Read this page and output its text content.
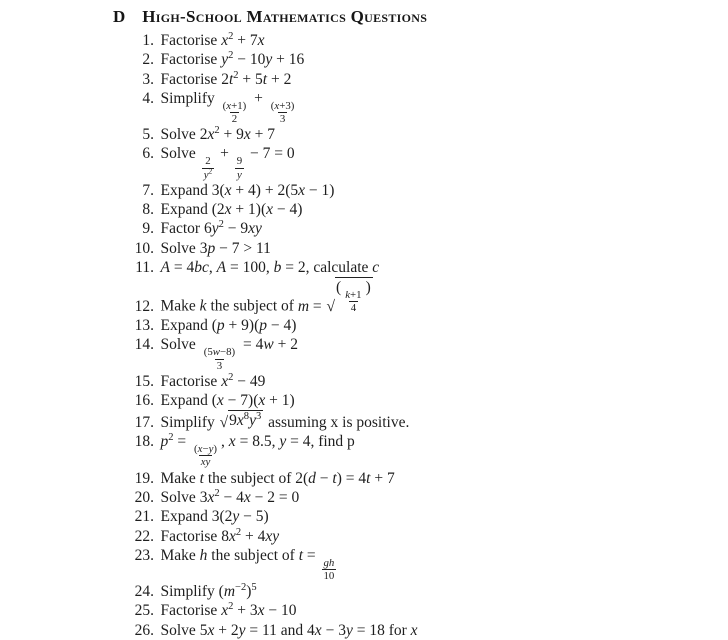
D High-School Mathematics Questions
1. Factorise $x^2 + 7x$
2. Factorise $y^2 - 10y + 16$
3. Factorise $2t^2 + 5t + 2$
4. Simplify
$\frac{(x+1)}{2}$
+
$\frac{(x+3)}{3}$
5. Solve $2x^2 + 9x + 7$
6. Solve
$\frac{2}{y^2}$
+
$\frac{9}{y}$
− 7 = 0
7. Expand 3(x + 4) + 2(5x − 1)
8. Expand (2x + 1)(x − 4)
9. Factor $6y^2 - 9xy$
10. Solve 3p − 7 > 11
11. A = 4bc, A = 100, b = 2, calculate c
12. Make k the subject of m = √
(
$\frac{k+1}{4}$
)
13. Expand (p + 9)(p − 4)
14. Solve
$\frac{(5w-8)}{3}$
= 4w + 2
15. Factorise $x^2 - 49$
16. Expand (x − 7)(x + 1)
17. Simplify √ $9x^8y^3$ assuming x is positive.
18. $p^2$ =
$\frac{(x-y)}{xy}$
, x = 8.5, y = 4, find p
19. Make t the subject of 2(d − t) = 4t + 7
20. Solve $3x^2 - 4x - 2 = 0$
21. Expand 3(2y − 5)
22. Factorise $8x^2 + 4xy$
23. Make h the subject of t =
$\frac{gh}{10}$
24. Simplify $(m^{-2})^5$
25. Factorise $x^2 + 3x - 10$
26. Solve 5x + 2y = 11 and 4x − 3y = 18 for x
